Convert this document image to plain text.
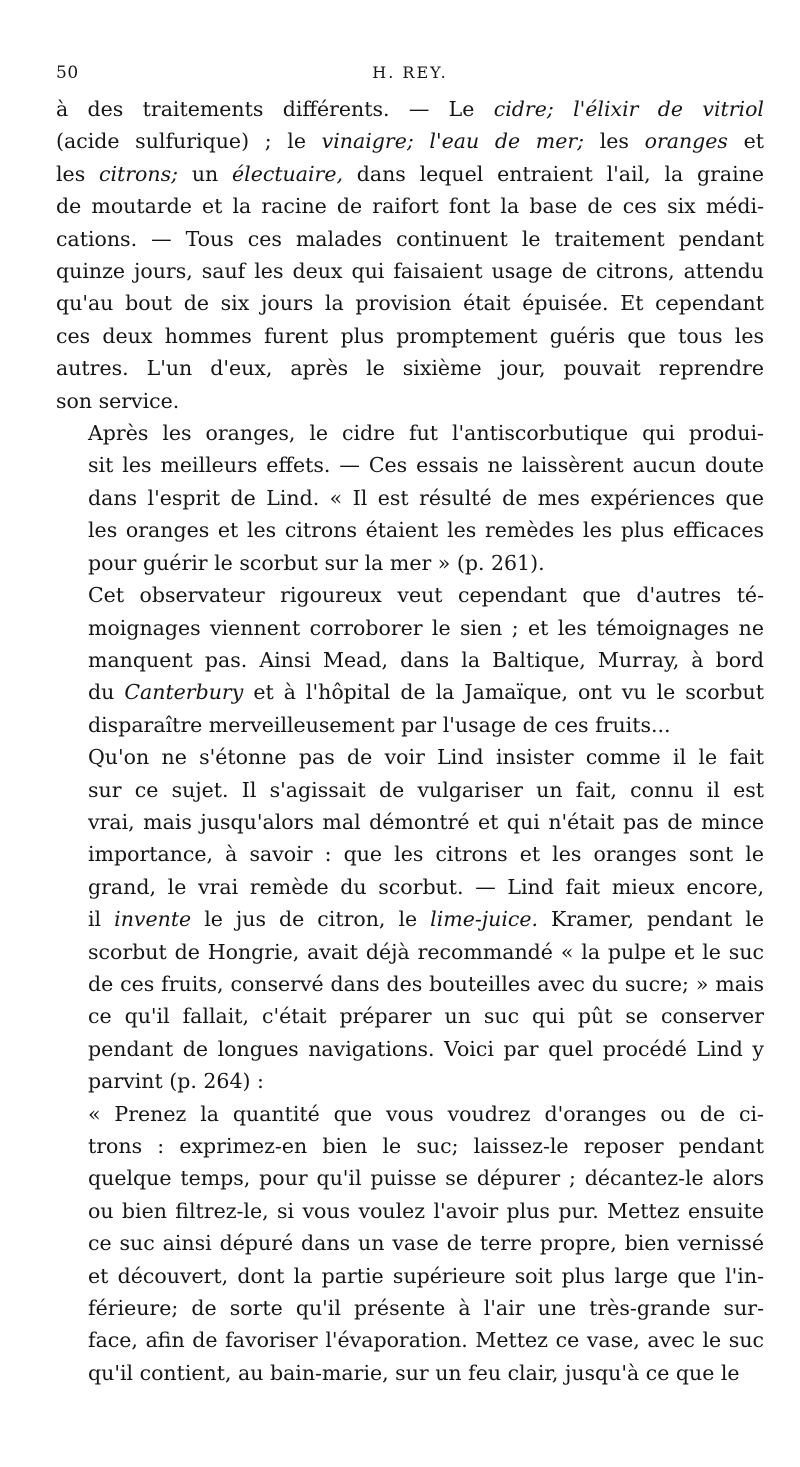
50	H. REY.

à des traitements différents. — Le cidre; l'élixir de vitriol
(acide sulfurique) ; le vinaigre; l'eau de mer; les oranges et
les citrons; un électuaire, dans lequel entraient l'ail, la graine
de moutarde et la racine de raifort font la base de ces six médi-
cations. — Tous ces malades continuent le traitement pendant
quinze jours, sauf les deux qui faisaient usage de citrons, attendu
qu'au bout de six jours la provision était épuisée. Et cependant
ces deux hommes furent plus promptement guéris que tous les
autres. L'un d'eux, après le sixième jour, pouvait reprendre
son service.

Après les oranges, le cidre fut l'antiscorbutique qui produi-
sit les meilleurs effets. — Ces essais ne laissèrent aucun doute
dans l'esprit de Lind. « Il est résulté de mes expériences que
les oranges et les citrons étaient les remèdes les plus efficaces
pour guérir le scorbut sur la mer » (p. 261).

Cet observateur rigoureux veut cependant que d'autres té-
moignages viennent corroborer le sien ; et les témoignages ne
manquent pas. Ainsi Mead, dans la Baltique, Murray, à bord
du Canterbury et à l'hôpital de la Jamaïque, ont vu le scorbut
disparaître merveilleusement par l'usage de ces fruits...

Qu'on ne s'étonne pas de voir Lind insister comme il le fait
sur ce sujet. Il s'agissait de vulgariser un fait, connu il est
vrai, mais jusqu'alors mal démontré et qui n'était pas de mince
importance, à savoir : que les citrons et les oranges sont le
grand, le vrai remède du scorbut. — Lind fait mieux encore,
il invente le jus de citron, le lime-juice. Kramer, pendant le
scorbut de Hongrie, avait déjà recommandé « la pulpe et le suc
de ces fruits, conservé dans des bouteilles avec du sucre; » mais
ce qu'il fallait, c'était préparer un suc qui pût se conserver
pendant de longues navigations. Voici par quel procédé Lind y
parvint (p. 264) :

« Prenez la quantité que vous voudrez d'oranges ou de ci-
trons : exprimez-en bien le suc; laissez-le reposer pendant
quelque temps, pour qu'il puisse se dépurer ; décantez-le alors
ou bien filtrez-le, si vous voulez l'avoir plus pur. Mettez ensuite
ce suc ainsi dépuré dans un vase de terre propre, bien vernissé
et découvert, dont la partie supérieure soit plus large que l'in-
férieure; de sorte qu'il présente à l'air une très-grande sur-
face, afin de favoriser l'évaporation. Mettez ce vase, avec le suc
qu'il contient, au bain-marie, sur un feu clair, jusqu'à ce que le
